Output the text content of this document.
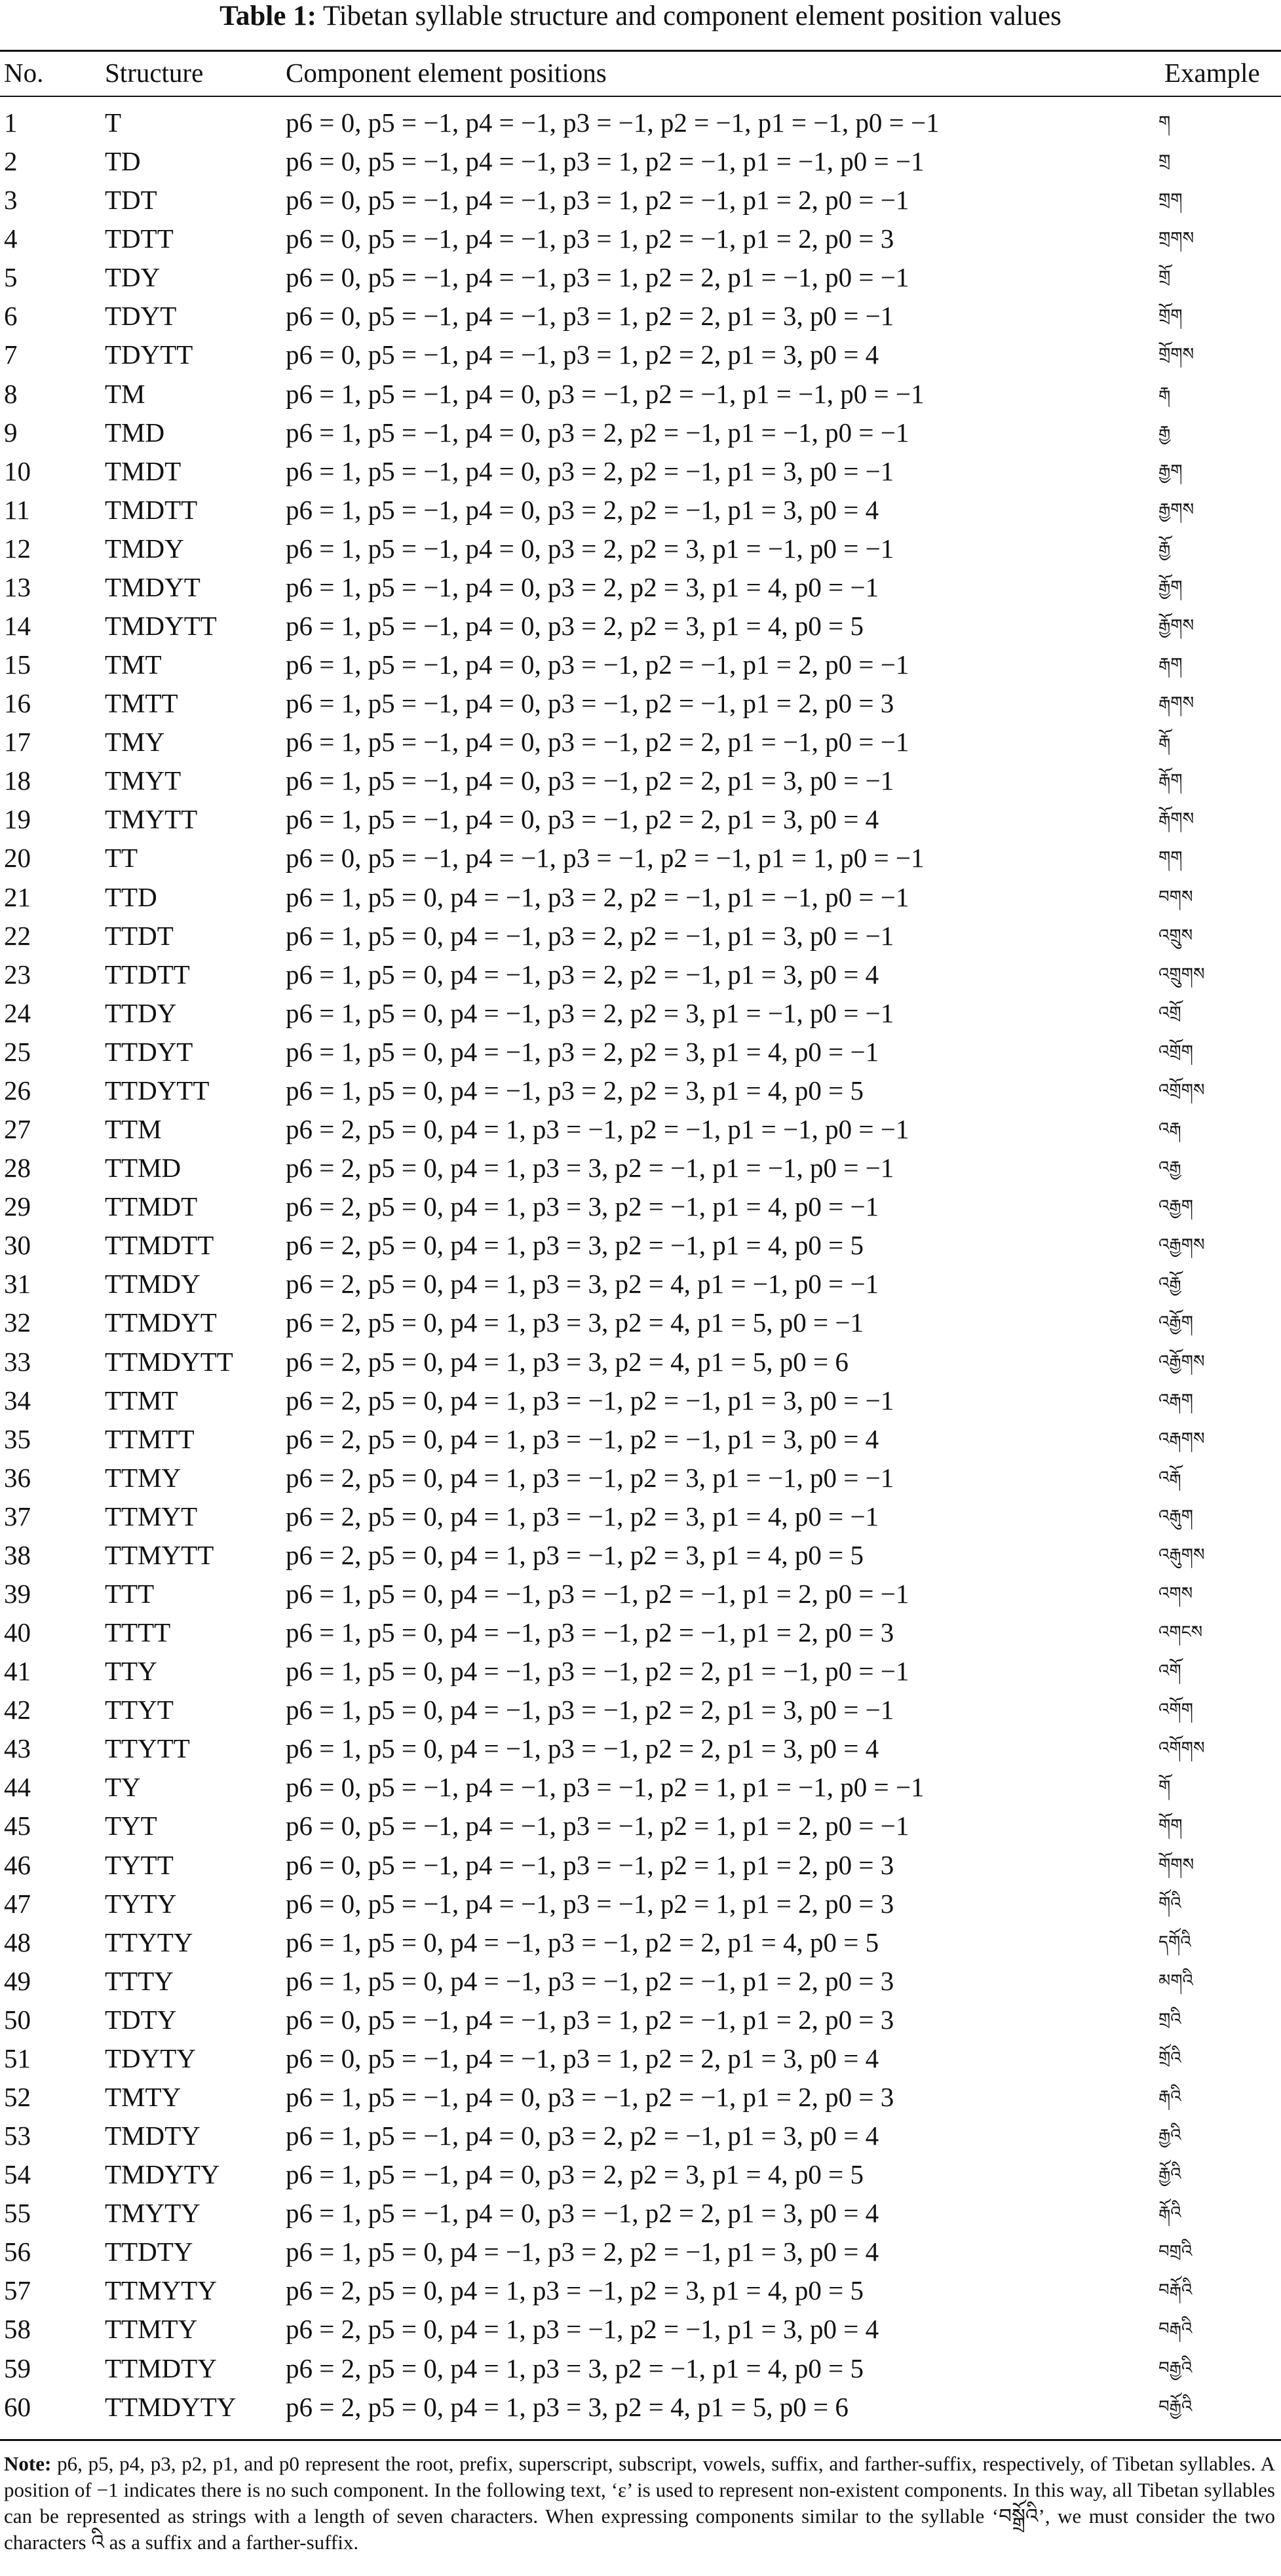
Table 1: Tibetan syllable structure and component element position values
No. Structure	Component element positions	Example
1	T	p6 = 0, p5 = −1, p4 = −1, p3 = −1, p2 = −1, p1 = −1, p0 = −1	ག
2	TD	p6 = 0, p5 = −1, p4 = −1, p3 = 1, p2 = −1, p1 = −1, p0 = −1	གྲ
3	TDT	p6 = 0, p5 = −1, p4 = −1, p3 = 1, p2 = −1, p1 = 2, p0 = −1	གྲག
4	TDTT	p6 = 0, p5 = −1, p4 = −1, p3 = 1, p2 = −1, p1 = 2, p0 = 3	གྲགས
5	TDY	p6 = 0, p5 = −1, p4 = −1, p3 = 1, p2 = 2, p1 = −1, p0 = −1	གྲོ
6	TDYT	p6 = 0, p5 = −1, p4 = −1, p3 = 1, p2 = 2, p1 = 3, p0 = −1	གྲོག
7	TDYTT	p6 = 0, p5 = −1, p4 = −1, p3 = 1, p2 = 2, p1 = 3, p0 = 4	གྲོགས
8	TM	p6 = 1, p5 = −1, p4 = 0, p3 = −1, p2 = −1, p1 = −1, p0 = −1	རྒ
9	TMD	p6 = 1, p5 = −1, p4 = 0, p3 = 2, p2 = −1, p1 = −1, p0 = −1	རྒྱ
10	TMDT	p6 = 1, p5 = −1, p4 = 0, p3 = 2, p2 = −1, p1 = 3, p0 = −1	རྒྱག
11	TMDTT	p6 = 1, p5 = −1, p4 = 0, p3 = 2, p2 = −1, p1 = 3, p0 = 4	རྒྱགས
12	TMDY	p6 = 1, p5 = −1, p4 = 0, p3 = 2, p2 = 3, p1 = −1, p0 = −1	རྒྱོ
13	TMDYT	p6 = 1, p5 = −1, p4 = 0, p3 = 2, p2 = 3, p1 = 4, p0 = −1	རྒྱོག
14	TMDYTT	p6 = 1, p5 = −1, p4 = 0, p3 = 2, p2 = 3, p1 = 4, p0 = 5	རྒྱོགས
15	TMT	p6 = 1, p5 = −1, p4 = 0, p3 = −1, p2 = −1, p1 = 2, p0 = −1	རྒག
16	TMTT	p6 = 1, p5 = −1, p4 = 0, p3 = −1, p2 = −1, p1 = 2, p0 = 3	རྒགས
17	TMY	p6 = 1, p5 = −1, p4 = 0, p3 = −1, p2 = 2, p1 = −1, p0 = −1	རྒོ
18	TMYT	p6 = 1, p5 = −1, p4 = 0, p3 = −1, p2 = 2, p1 = 3, p0 = −1	རྒོག
19	TMYTT	p6 = 1, p5 = −1, p4 = 0, p3 = −1, p2 = 2, p1 = 3, p0 = 4	རྒོགས
20	TT	p6 = 0, p5 = −1, p4 = −1, p3 = −1, p2 = −1, p1 = 1, p0 = −1	གག
21	TTD	p6 = 1, p5 = 0, p4 = −1, p3 = 2, p2 = −1, p1 = −1, p0 = −1	བགས
22	TTDT	p6 = 1, p5 = 0, p4 = −1, p3 = 2, p2 = −1, p1 = 3, p0 = −1	འགྲུས
23	TTDTT	p6 = 1, p5 = 0, p4 = −1, p3 = 2, p2 = −1, p1 = 3, p0 = 4	འགྲུགས
24	TTDY	p6 = 1, p5 = 0, p4 = −1, p3 = 2, p2 = 3, p1 = −1, p0 = −1	འགྲོ
25	TTDYT	p6 = 1, p5 = 0, p4 = −1, p3 = 2, p2 = 3, p1 = 4, p0 = −1	འགྲོག
26	TTDYTT	p6 = 1, p5 = 0, p4 = −1, p3 = 2, p2 = 3, p1 = 4, p0 = 5	འགྲོགས
27	TTM	p6 = 2, p5 = 0, p4 = 1, p3 = −1, p2 = −1, p1 = −1, p0 = −1	འརྒ
28	TTMD	p6 = 2, p5 = 0, p4 = 1, p3 = 3, p2 = −1, p1 = −1, p0 = −1	འརྒྱ
29	TTMDT	p6 = 2, p5 = 0, p4 = 1, p3 = 3, p2 = −1, p1 = 4, p0 = −1	འརྒྱག
30	TTMDTT	p6 = 2, p5 = 0, p4 = 1, p3 = 3, p2 = −1, p1 = 4, p0 = 5	འརྒྱགས
31	TTMDY	p6 = 2, p5 = 0, p4 = 1, p3 = 3, p2 = 4, p1 = −1, p0 = −1	འརྒྱོ
32	TTMDYT	p6 = 2, p5 = 0, p4 = 1, p3 = 3, p2 = 4, p1 = 5, p0 = −1	འརྒྱོག
33	TTMDYTT p6 = 2, p5 = 0, p4 = 1, p3 = 3, p2 = 4, p1 = 5, p0 = 6	འརྒྱོགས
34	TTMT	p6 = 2, p5 = 0, p4 = 1, p3 = −1, p2 = −1, p1 = 3, p0 = −1	འརྒག
35	TTMTT	p6 = 2, p5 = 0, p4 = 1, p3 = −1, p2 = −1, p1 = 3, p0 = 4	འརྒགས
36	TTMY	p6 = 2, p5 = 0, p4 = 1, p3 = −1, p2 = 3, p1 = −1, p0 = −1	འརྒོ
37	TTMYT	p6 = 2, p5 = 0, p4 = 1, p3 = −1, p2 = 3, p1 = 4, p0 = −1	འརྒུག
38	TTMYTT	p6 = 2, p5 = 0, p4 = 1, p3 = −1, p2 = 3, p1 = 4, p0 = 5	འརྒུགས
39	TTT	p6 = 1, p5 = 0, p4 = −1, p3 = −1, p2 = −1, p1 = 2, p0 = −1	འགས
40	TTTT	p6 = 1, p5 = 0, p4 = −1, p3 = −1, p2 = −1, p1 = 2, p0 = 3	འགངས
41	TTY	p6 = 1, p5 = 0, p4 = −1, p3 = −1, p2 = 2, p1 = −1, p0 = −1	འགོ
42	TTYT	p6 = 1, p5 = 0, p4 = −1, p3 = −1, p2 = 2, p1 = 3, p0 = −1	འགོག
43	TTYTT	p6 = 1, p5 = 0, p4 = −1, p3 = −1, p2 = 2, p1 = 3, p0 = 4	འགོགས
44	TY	p6 = 0, p5 = −1, p4 = −1, p3 = −1, p2 = 1, p1 = −1, p0 = −1	གོ
45	TYT	p6 = 0, p5 = −1, p4 = −1, p3 = −1, p2 = 1, p1 = 2, p0 = −1	གོག
46	TYTT	p6 = 0, p5 = −1, p4 = −1, p3 = −1, p2 = 1, p1 = 2, p0 = 3	གོགས
47	TYTY	p6 = 0, p5 = −1, p4 = −1, p3 = −1, p2 = 1, p1 = 2, p0 = 3	གོའི
48	TTYTY	p6 = 1, p5 = 0, p4 = −1, p3 = −1, p2 = 2, p1 = 4, p0 = 5	དགོའི
49	TTTY	p6 = 1, p5 = 0, p4 = −1, p3 = −1, p2 = −1, p1 = 2, p0 = 3	མགའི
50	TDTY	p6 = 0, p5 = −1, p4 = −1, p3 = 1, p2 = −1, p1 = 2, p0 = 3	གྲའི
51	TDYTY	p6 = 0, p5 = −1, p4 = −1, p3 = 1, p2 = 2, p1 = 3, p0 = 4	གྲོའི
52	TMTY	p6 = 1, p5 = −1, p4 = 0, p3 = −1, p2 = −1, p1 = 2, p0 = 3	རྒའི
53	TMDTY	p6 = 1, p5 = −1, p4 = 0, p3 = 2, p2 = −1, p1 = 3, p0 = 4	རྒྱའི
54	TMDYTY p6 = 1, p5 = −1, p4 = 0, p3 = 2, p2 = 3, p1 = 4, p0 = 5	རྒྱོའི
55	TMYTY	p6 = 1, p5 = −1, p4 = 0, p3 = −1, p2 = 2, p1 = 3, p0 = 4	རྒོའི
56	TTDTY	p6 = 1, p5 = 0, p4 = −1, p3 = 2, p2 = −1, p1 = 3, p0 = 4	བགྲའི
57	TTMYTY	p6 = 2, p5 = 0, p4 = 1, p3 = −1, p2 = 3, p1 = 4, p0 = 5	བརྒོའི
58	TTMTY	p6 = 2, p5 = 0, p4 = 1, p3 = −1, p2 = −1, p1 = 3, p0 = 4	བརྒའི
59	TTMDTY	p6 = 2, p5 = 0, p4 = 1, p3 = 3, p2 = −1, p1 = 4, p0 = 5	བརྒྱའི
60	TTMDYTY p6 = 2, p5 = 0, p4 = 1, p3 = 3, p2 = 4, p1 = 5, p0 = 6	བརྒྱོའི
Note: p6, p5, p4, p3, p2, p1, and p0 represent the root, prefix, superscript, subscript, vowels, suffix, and farther-suffix, respectively, of Tibetan syllables. A position of −1 indicates there is no such component. In the following text, ‘ε’ is used to represent non-existent components. In this way, all Tibetan syllables can be represented as strings with a length of seven characters. When expressing components similar to the syllable ‘བསྒྲོའི’, we must consider the two characters འི as a suffix and a farther-suffix.
